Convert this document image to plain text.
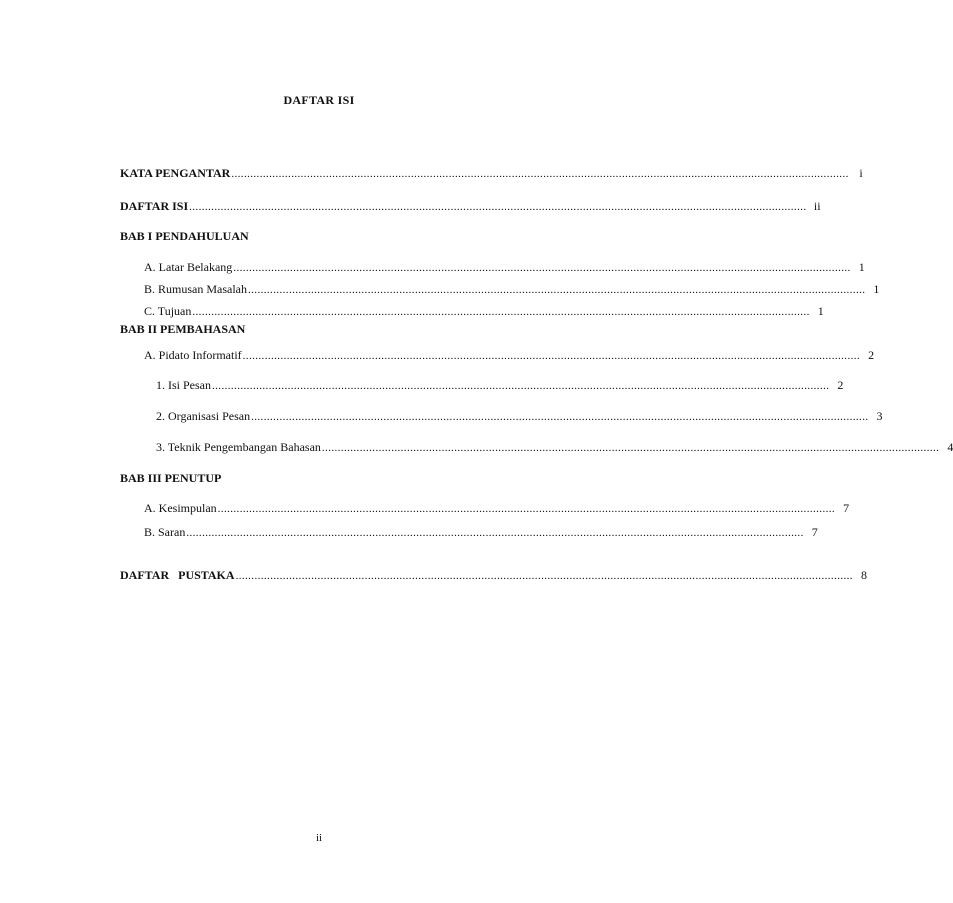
DAFTAR ISI
KATA PENGANTAR .................................................................................................................................................................................................... i
DAFTAR ISI .................................................................................................................................................................................................... ii
BAB I PENDAHULUAN
A. Latar Belakang .................................................................................................................................................................................................... 1
B. Rumusan Masalah .................................................................................................................................................................................................... 1
C. Tujuan .................................................................................................................................................................................................... 1
BAB II PEMBAHASAN
A. Pidato Informatif .................................................................................................................................................................................................... 2
1. Isi Pesan .................................................................................................................................................................................................... 2
2. Organisasi Pesan .................................................................................................................................................................................................... 3
3. Teknik Pengembangan Bahasan .................................................................................................................................................................................................... 4
BAB III PENUTUP
A. Kesimpulan .................................................................................................................................................................................................... 7
B. Saran .................................................................................................................................................................................................... 7
DAFTAR   PUSTAKA .................................................................................................................................................................................................... 8
ii
